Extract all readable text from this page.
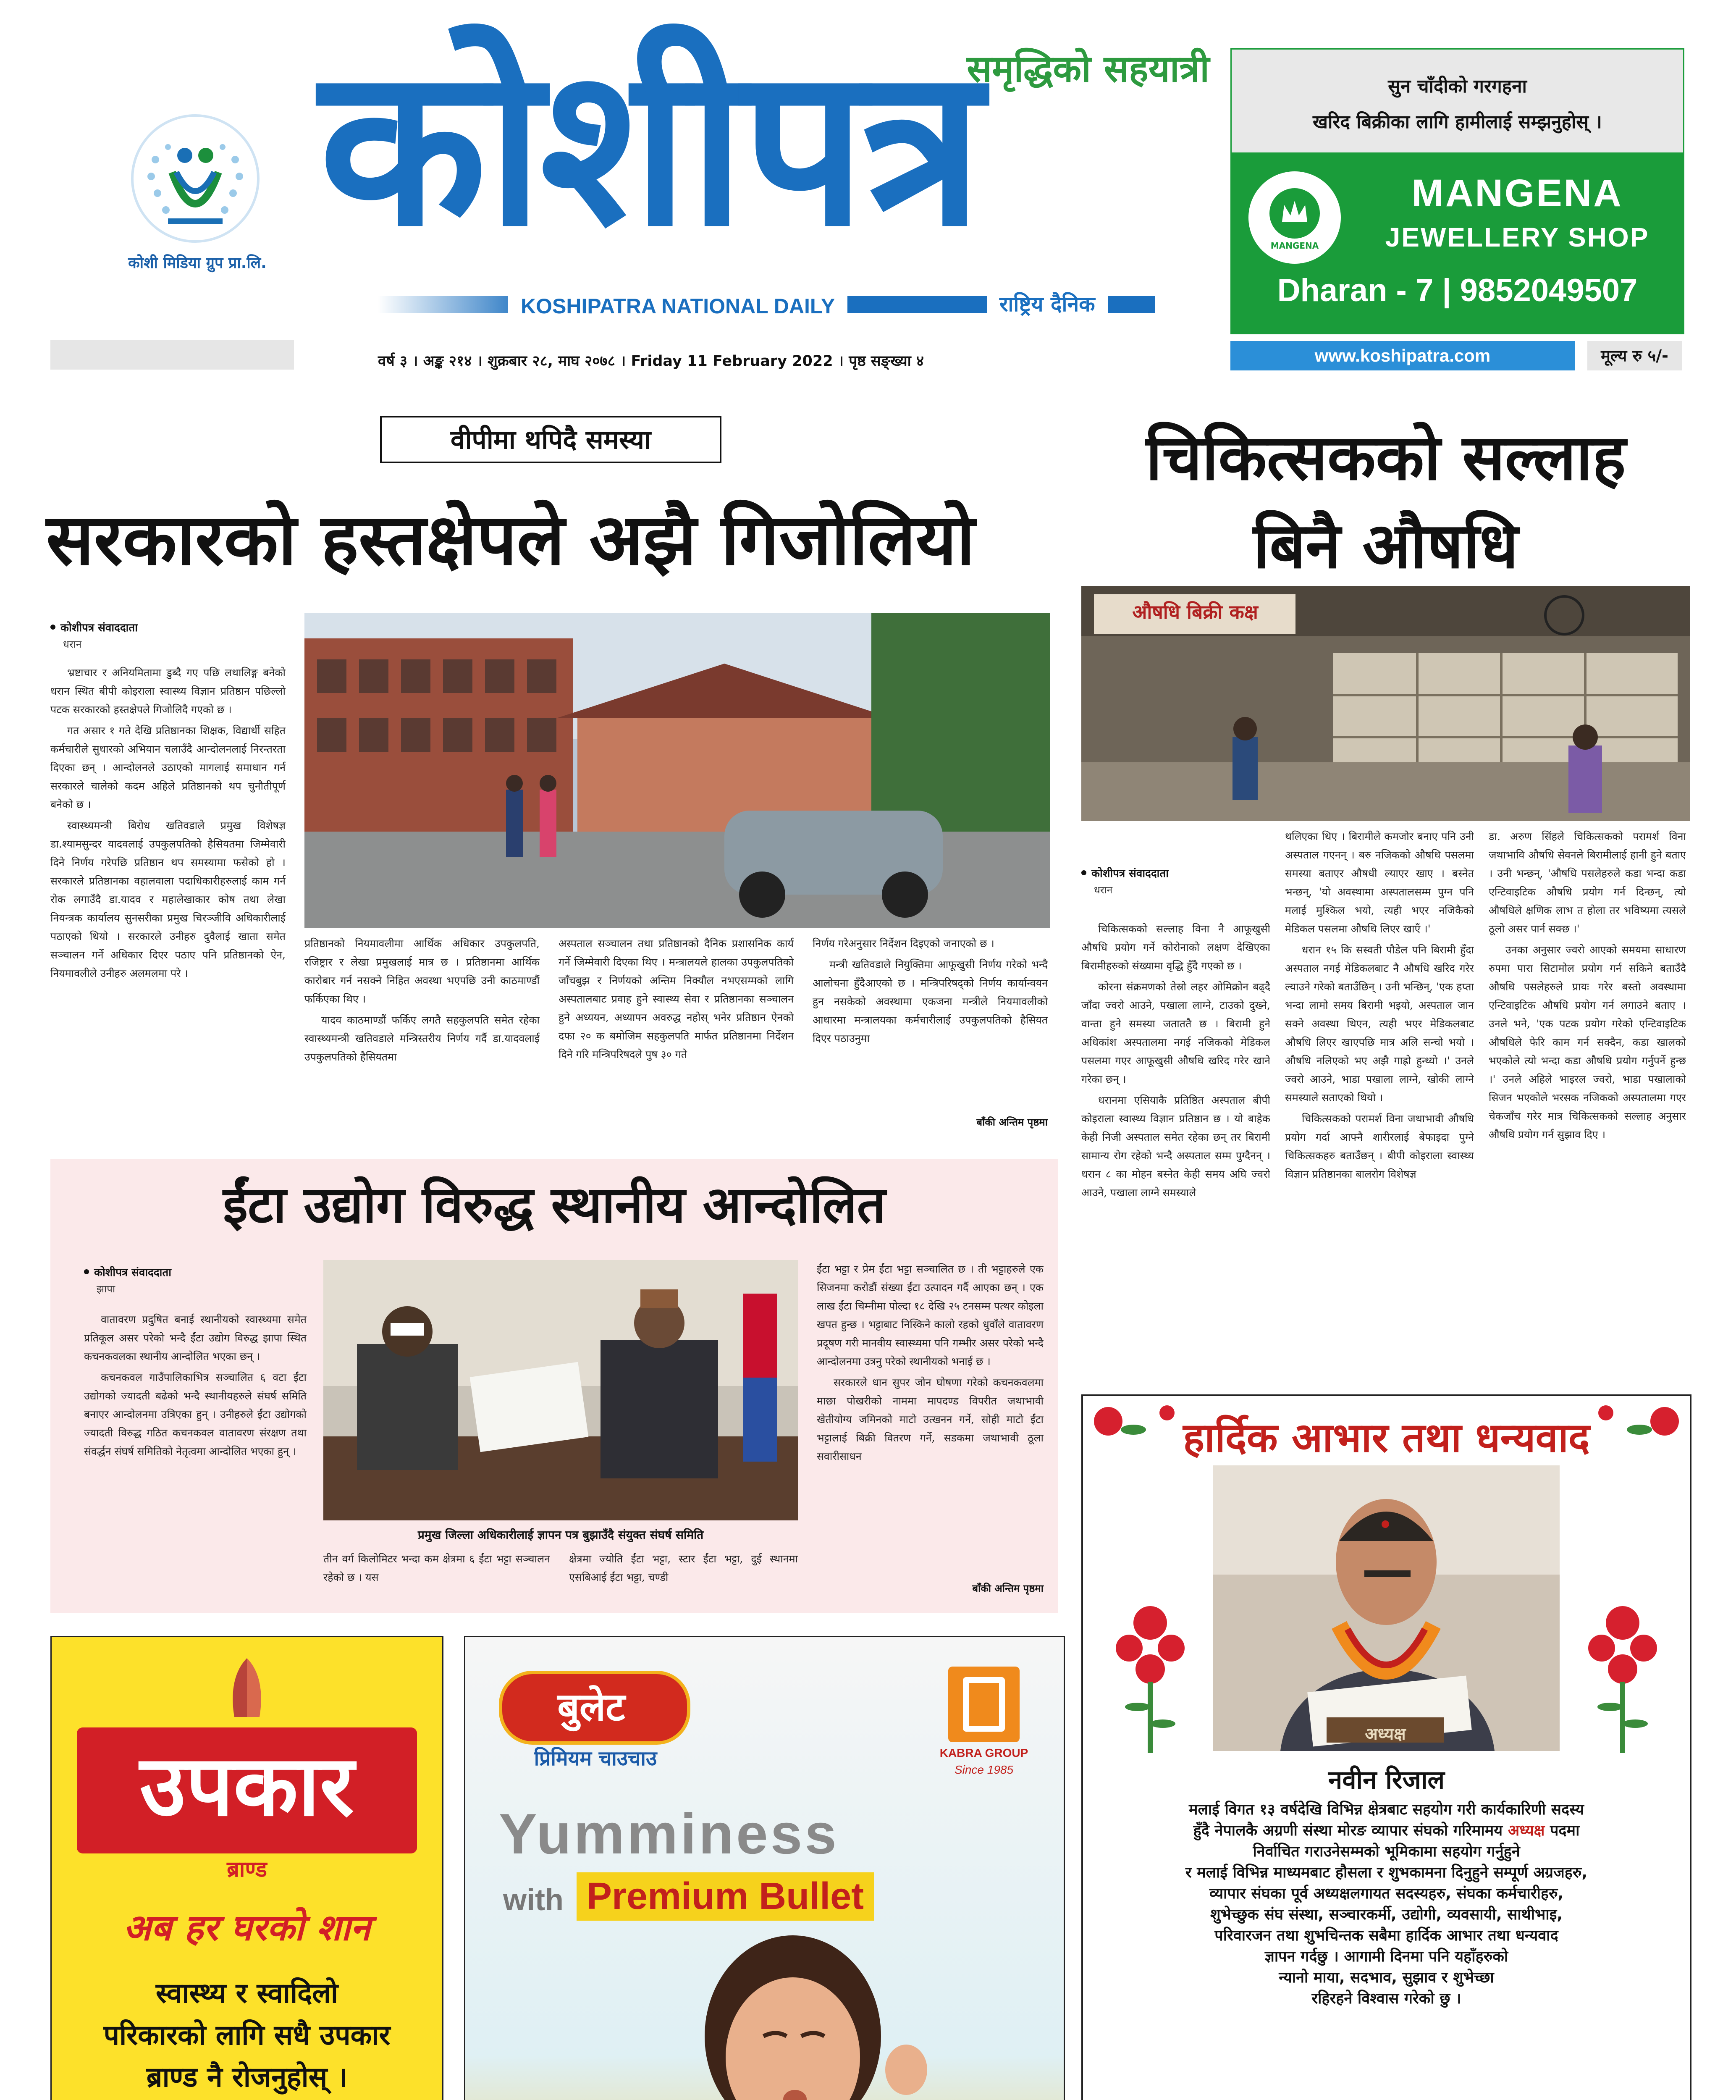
कोशी मिडिया ग्रुप प्रा.लि. कोशीपत्र
समृद्धिको सहयात्री
KOSHIPATRA NATIONAL DAILY	राष्ट्रिय दैनिक
वर्ष ३ । अङ्क २१४ । शुक्रबार २८, माघ २०७८ । Friday 11 February 2022 । पृष्ठ सङ्ख्या ४	www.koshipatra.com	मूल्य रु ५/-
सुन चाँदीको गरगहना
खरिद बिक्रीका लागि हामीलाई सम्झनुहोस् ।
MANGENA
MANGENA
JEWELLERY SHOP
Dharan - 7 | 9852049507
वीपीमा थपिदै समस्या
सरकारको हस्तक्षेपले अझै गिजोलियो
कोशीपत्र संवाददाता
धरान

भ्रष्टाचार र अनियमितामा डुब्दै गए पछि लथालिङ्ग बनेको धरान स्थित बीपी कोइराला स्वास्थ्य विज्ञान प्रतिष्ठान पछिल्लो पटक सरकारको हस्तक्षेपले गिजोलिदै गएको छ ।

गत असार १ गते देखि प्रतिष्ठानका शिक्षक, विद्यार्थी सहित कर्मचारीले सुधारको अभियान चलाउँदै आन्दोलनलाई निरन्तरता दिएका छन् । आन्दोलनले उठाएको मागलाई समाधान गर्न सरकारले चालेको कदम अहिले प्रतिष्ठानको थप चुनौतीपूर्ण बनेको छ ।

स्वास्थ्यमन्त्री बिरोध खतिवडाले प्रमुख विशेषज्ञ डा.श्यामसुन्दर यादवलाई उपकुलपतिको हैसियतमा जिम्मेवारी दिने निर्णय गरेपछि प्रतिष्ठान थप समस्यामा फसेको हो । सरकारले प्रतिष्ठानका वहालवाला पदाधिकारीहरुलाई काम गर्न रोक लगाउँदै डा.यादव र महालेखाकार कोष तथा लेखा नियन्त्रक कार्यालय सुनसरीका प्रमुख चिरञ्जीवि अधिकारीलाई पठाएको थियो । सरकारले उनीहरु दुवैलाई खाता समेत सञ्चालन गर्ने अधिकार दिएर पठाए पनि प्रतिष्ठानको ऐन, नियमावलीले उनीहरु अलमलमा परे ।

प्रतिष्ठानको नियमावलीमा आर्थिक अधिकार उपकुलपति, रजिष्ट्रार र लेखा प्रमुखलाई मात्र छ । प्रतिष्ठानमा आर्थिक कारोबार गर्न नसक्ने निहित अवस्था भएपछि उनी काठमाण्डौं फर्किएका थिए ।

यादव काठमाण्डौं फर्किए लगतै सहकुलपति समेत रहेका स्वास्थ्यमन्त्री खतिवडाले मन्त्रिस्तरीय निर्णय गर्दै डा.यादवलाई उपकुलपतिको हैसियतमा

अस्पताल सञ्चालन तथा प्रतिष्ठानको दैनिक प्रशासनिक कार्य गर्ने जिम्मेवारी दिएका थिए । मन्त्रालयले हालका उपकुलपतिको जाँचबुझ र निर्णयको अन्तिम निक्यौल नभएसम्मको लागि अस्पतालबाट प्रवाह हुने स्वास्थ्य सेवा र प्रतिष्ठानका सञ्चालन हुने अध्ययन, अध्यापन अवरुद्ध नहोस् भनेर प्रतिष्ठान ऐनको दफा २० क बमोजिम सहकुलपति मार्फत प्रतिष्ठानमा निर्देशन दिने गरि मन्त्रिपरिषदले पुष ३० गते

निर्णय गरेअनुसार निर्देशन दिइएको जनाएको छ ।

मन्त्री खतिवडाले नियुक्तिमा आफूखुसी निर्णय गरेको भन्दै आलोचना हुँदैआएको छ । मन्त्रिपरिषद्को निर्णय कार्यान्वयन हुन नसकेको अवस्थामा एकजना मन्त्रीले नियमावलीको आधारमा मन्त्रालयका कर्मचारीलाई उपकुलपतिको हैसियत दिएर पठाउनुमा

बाँकी अन्तिम पृष्ठमा
चिकित्सकको सल्लाह
बिनै औषधि
औषधि बिक्री कक्ष
कोशीपत्र संवाददाता
धरान

चिकित्सकको सल्लाह विना नै आफूखुसी औषधि प्रयोग गर्ने कोरोनाको लक्षण देखिएका बिरामीहरुको संख्यामा वृद्धि हुँदै गएको छ ।

कोरना संक्रमणको तेस्रो लहर ओमिक्रोन बढ्दै जाँदा ज्वरो आउने, पखाला लाग्ने, टाउको दुख्ने, वान्ता हुने समस्या जताततै छ । बिरामी हुने अधिकांश अस्पतालमा नगई नजिकको मेडिकल पसलमा गएर आफूखुसी औषधि खरिद गरेर खाने गरेका छन् ।

धरानमा एसियाकै प्रतिष्ठित अस्पताल बीपी कोइराला स्वास्थ्य विज्ञान प्रतिष्ठान छ । यो बाहेक केही निजी अस्पताल समेत रहेका छन् तर बिरामी सामान्य रोग रहेको भन्दै अस्पताल सम्म पुग्दैनन् । धरान ८ का मोहन बस्नेत केही समय अघि ज्वरो आउने, पखाला लाग्ने समस्याले

थलिएका थिए । बिरामीले कमजोर बनाए पनि उनी अस्पताल गएनन् । बरु नजिकको औषधि पसलमा समस्या बताएर औषधी ल्याएर खाए । बस्नेत भन्छन्, 'यो अवस्थामा अस्पतालसम्म पुग्न पनि मलाई मुश्किल भयो, त्यही भएर नजिकैको मेडिकल पसलमा औषधि लिएर खाएँ ।'

धरान १५ कि सस्वती पौडेल पनि बिरामी हुँदा अस्पताल नगई मेडिकलबाट नै औषधि खरिद गरेर ल्याउने गरेको बताउँछिन् । उनी भन्छिन्, 'एक हप्ता भन्दा लामो समय बिरामी भइयो, अस्पताल जान सक्ने अवस्था थिएन, त्यही भएर मेडिकलबाट औषधि लिएर खाएपछि मात्र अलि सन्चो भयो । औषधि नलिएको भए अझै गाह्रो हुन्थ्यो ।' उनले ज्वरो आउने, भाडा पखाला लाग्ने, खोकी लाग्ने समस्याले सताएको थियो ।

चिकित्सकको परामर्श विना जथाभावी औषधि प्रयोग गर्दा आफ्नै शारीरलाई बेफाइदा पुग्ने चिकित्सकहरु बताउँछन् । बीपी कोइराला स्वास्थ्य विज्ञान प्रतिष्ठानका बालरोग विशेषज्ञ

डा. अरुण सिंहले चिकित्सकको परामर्श विना जथाभावि औषधि सेवनले बिरामीलाई हानी हुने बताए । उनी भन्छन्, 'औषधि पसलेहरुले कडा भन्दा कडा एन्टिवाइटिक औषधि प्रयोग गर्न दिन्छन्, त्यो औषधिले क्षणिक लाभ त होला तर भविष्यमा त्यसले ठूलो असर पार्न सक्छ ।'

उनका अनुसार ज्वरो आएको समयमा साधारण रुपमा पारा सिटामोल प्रयोग गर्न सकिने बताउँदै औषधि पसलेहरुले प्रायः गरेर बस्तो अवस्थामा एन्टिवाइटिक औषधि प्रयोग गर्न लगाउने बताए । उनले भने, 'एक पटक प्रयोग गरेको एन्टिवाइटिक औषधिले फेरि काम गर्न सक्दैन, कडा खालको भएकोले त्यो भन्दा कडा औषधि प्रयोग गर्नुपर्ने हुन्छ ।' उनले अहिले भाइरल ज्वरो, भाडा पखालाको सिजन भएकोले भरसक नजिकको अस्पतालमा गएर चेकजाँच गरेर मात्र चिकित्सकको सल्लाह अनुसार औषधि प्रयोग गर्न सुझाव दिए ।

ईंटा उद्योग विरुद्ध स्थानीय आन्दोलित
कोशीपत्र संवाददाता
झापा

वातावरण प्रदुषित बनाई स्थानीयको स्वास्थ्यमा समेत प्रतिकूल असर परेको भन्दै ईंटा उद्योग विरुद्ध झापा स्थित कचनकवलका स्थानीय आन्दोलित भएका छन् ।

कचनकवल गाउँपालिकाभित्र सञ्चालित ६ वटा ईंटा उद्योगको ज्यादती बढेको भन्दै स्थानीयहरुले संघर्ष समिति बनाएर आन्दोलनमा उत्रिएका हुन् । उनीहरुले ईंटा उद्योगको ज्यादती विरुद्ध गठित कचनकवल वातावरण संरक्षण तथा संवर्द्धन संघर्ष समितिको नेतृत्वमा आन्दोलित भएका हुन् ।

प्रमुख जिल्ला अधिकारीलाई ज्ञापन पत्र बुझाउँदै संयुक्त संघर्ष समिति

तीन वर्ग किलोमिटर भन्दा कम क्षेत्रमा ६ ईंटा भट्टा सञ्चालन रहेको छ । यस

क्षेत्रमा ज्योति ईंटा भट्टा, स्टार ईंटा भट्टा, दुई स्थानमा एसबिआई ईंटा भट्टा, चण्डी

ईंटा भट्टा र प्रेम ईंटा भट्टा सञ्चालित छ । ती भट्टाहरुले एक सिजनमा करोडौं संख्या ईंटा उत्पादन गर्दै आएका छन् । एक लाख ईंटा चिम्नीमा पोल्दा १८ देखि २५ टनसम्म पत्थर कोइला खपत हुन्छ । भट्टाबाट निस्किने कालो रहको धुवाँले वातावरण प्रदूषण गरी मानवीय स्वास्थ्यमा पनि गम्भीर असर परेको भन्दै आन्दोलनमा उत्रनु परेको स्थानीयको भनाई छ ।

सरकारले धान सुपर जोन घोषणा गरेको कचनकवलमा माछा पोखरीको नाममा मापदण्ड विपरीत जथाभावी खेतीयोग्य जमिनको माटो उत्खनन गर्ने, सोही माटो ईंटा भट्टालाई बिक्री वितरण गर्ने, सडकमा जथाभावी ठूला सवारीसाधन

बाँकी अन्तिम पृष्ठमा
उपकार
ब्राण्ड
अब हर घरको शान
स्वास्थ्य र स्वादिलो
परिकारको लागि सधै उपकार
ब्राण्ड नै रोजनुहोस् ।
बुलेट
प्रिमियम चाउचाउ	KABRA GROUP
Since 1985
Yumminess
with Premium Bullet
हार्दिक आभार तथा धन्यवाद
अध्यक्ष
नवीन रिजाल
मलाई विगत १३ वर्षदेखि विभिन्न क्षेत्रबाट सहयोग गरी कार्यकारिणी सदस्य
हुँदै नेपालकै अग्रणी संस्था मोरङ व्यापार संघको गरिमामय अध्यक्ष पदमा
निर्वाचित गराउनेसम्मको भूमिकामा सहयोग गर्नुहुने
र मलाई विभिन्न माध्यमबाट हौसला र शुभकामना दिनुहुने सम्पूर्ण अग्रजहरु,
व्यापार संघका पूर्व अध्यक्षलगायत सदस्यहरु, संघका कर्मचारीहरु,
शुभेच्छुक संघ संस्था, सञ्चारकर्मी, उद्योगी, व्यवसायी, साथीभाइ,
परिवारजन तथा शुभचिन्तक सबैमा हार्दिक आभार तथा धन्यवाद
ज्ञापन गर्दछु । आगामी दिनमा पनि यहाँहरुको
न्यानो माया, सदभाव, सुझाव र शुभेच्छा
रहिरहने विश्वास गरेको छु ।
